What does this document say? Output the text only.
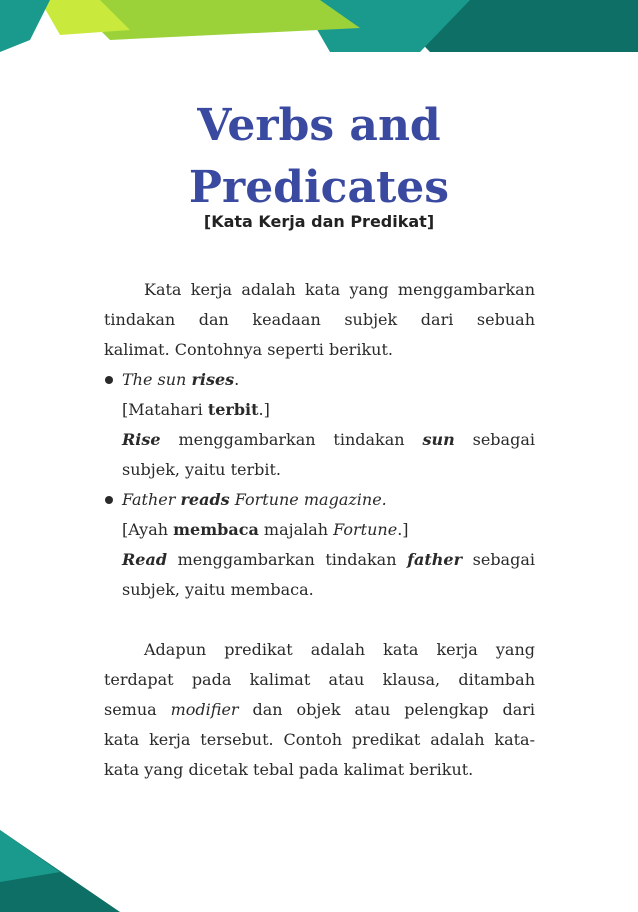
Verbs and
Predicates

[Kata Kerja dan Predikat]

Kata kerja adalah kata yang menggambarkan

tindakan dan keadaan subjek dari sebuah

kalimat. Contohnya seperti berikut.

The sun rises.
[Matahari terbit.]
Rise menggambarkan tindakan sun sebagai
subjek, yaitu terbit.
Father reads Fortune magazine.
[Ayah membaca majalah Fortune.]
Read menggambarkan tindakan father sebagai
subjek, yaitu membaca.

Adapun predikat adalah kata kerja yang

terdapat pada kalimat atau klausa, ditambah

semua modifier dan objek atau pelengkap dari

kata kerja tersebut. Contoh predikat adalah kata-

kata yang dicetak tebal pada kalimat berikut.
